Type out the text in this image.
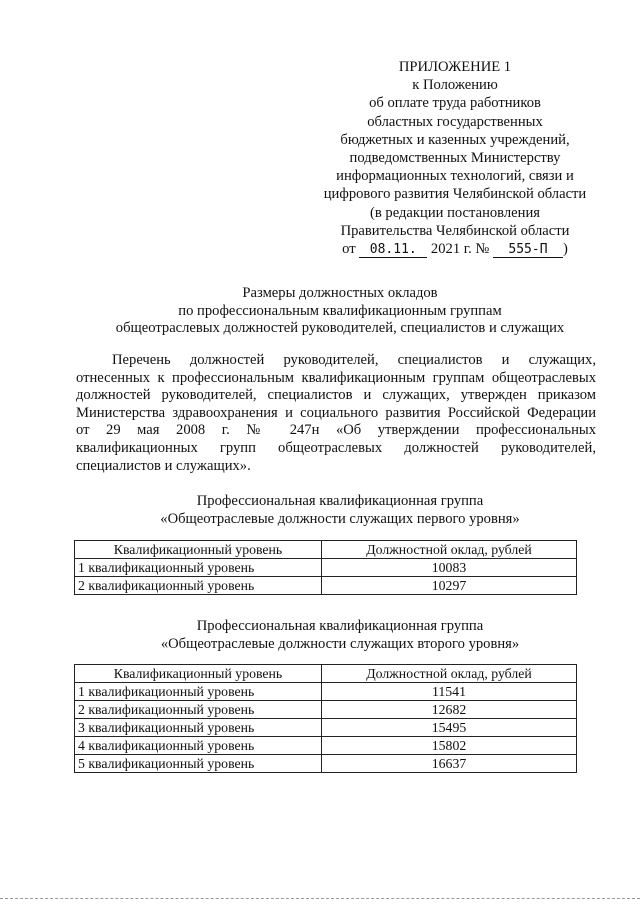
ПРИЛОЖЕНИЕ 1
к Положению
об оплате труда работников
областных государственных
бюджетных и казенных учреждений,
подведомственных Министерству
информационных технологий, связи и
цифрового развития Челябинской области
(в редакции постановления
Правительства Челябинской области
от 08.11. 2021 г. № 555-П )
Размеры должностных окладов
по профессиональным квалификационным группам
общеотраслевых должностей руководителей, специалистов и служащих
Перечень должностей руководителей, специалистов и служащих,
отнесенных к профессиональным квалификационным группам общеотраслевых
должностей руководителей, специалистов и служащих, утвержден приказом
Министерства здравоохранения и социального развития Российской Федерации
от 29 мая 2008 г. № 247н «Об утверждении профессиональных
квалификационных групп общеотраслевых должностей руководителей,
специалистов и служащих».
Профессиональная квалификационная группа
«Общеотраслевые должности служащих первого уровня»
Квалификационный уровень	Должностной оклад, рублей
1 квалификационный уровень	10083
2 квалификационный уровень	10297
Профессиональная квалификационная группа
«Общеотраслевые должности служащих второго уровня»
Квалификационный уровень	Должностной оклад, рублей
1 квалификационный уровень	11541
2 квалификационный уровень	12682
3 квалификационный уровень	15495
4 квалификационный уровень	15802
5 квалификационный уровень	16637
